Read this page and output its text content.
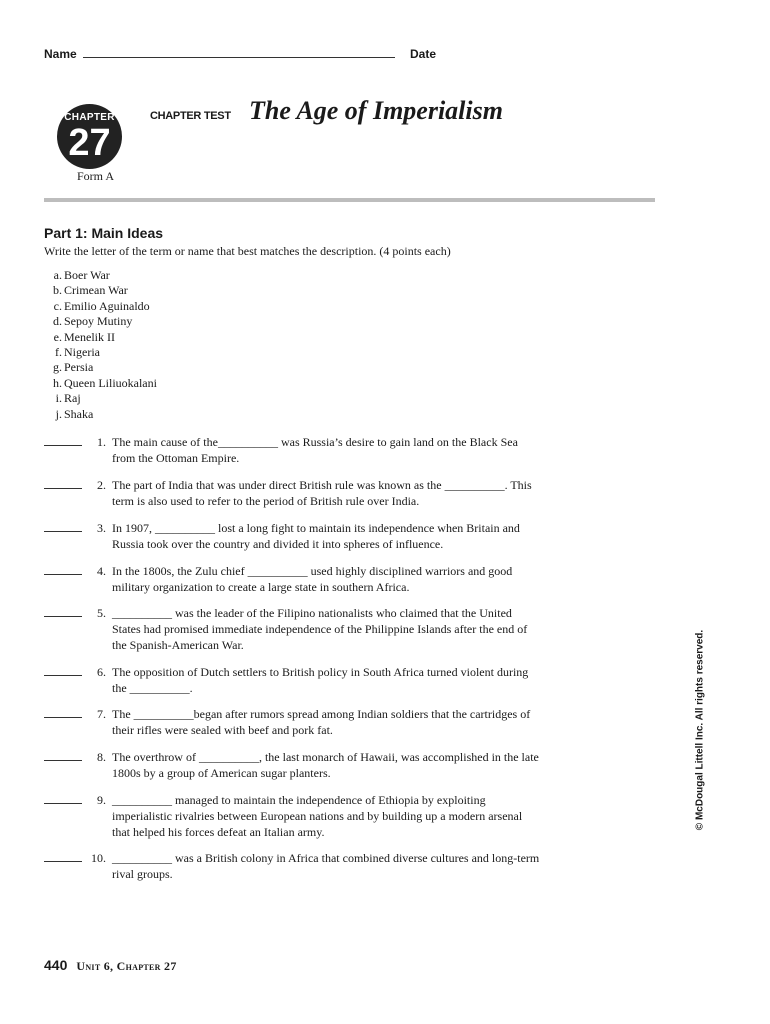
Name	Date
CHAPTER
27
CHAPTER TEST The Age of Imperialism
Form A
Part 1: Main Ideas
Write the letter of the term or name that best matches the description. (4 points each)
a. Boer War
b. Crimean War
c. Emilio Aguinaldo
d. Sepoy Mutiny
e. Menelik II
f. Nigeria
g. Persia
h. Queen Liliuokalani
i. Raj
j. Shaka
1. The main cause of the__________ was Russia’s desire to gain land on the Black Sea from the Ottoman Empire.
2. The part of India that was under direct British rule was known as the __________. This term is also used to refer to the period of British rule over India.
3. In 1907, __________ lost a long fight to maintain its independence when Britain and Russia took over the country and divided it into spheres of influence.
4. In the 1800s, the Zulu chief __________ used highly disciplined warriors and good military organization to create a large state in southern Africa.
5. __________ was the leader of the Filipino nationalists who claimed that the United States had promised immediate independence of the Philippine Islands after the end of the Spanish-American War.
6. The opposition of Dutch settlers to British policy in South Africa turned violent during the __________.
7. The __________began after rumors spread among Indian soldiers that the cartridges of their rifles were sealed with beef and pork fat.
8. The overthrow of __________, the last monarch of Hawaii, was accomplished in the late 1800s by a group of American sugar planters.
9. __________ managed to maintain the independence of Ethiopia by exploiting imperialistic rivalries between European nations and by building up a modern arsenal that helped his forces defeat an Italian army.
10. __________ was a British colony in Africa that combined diverse cultures and long-term rival groups.
440 Unit 6, Chapter 27
© McDougal Littell Inc. All rights reserved.
